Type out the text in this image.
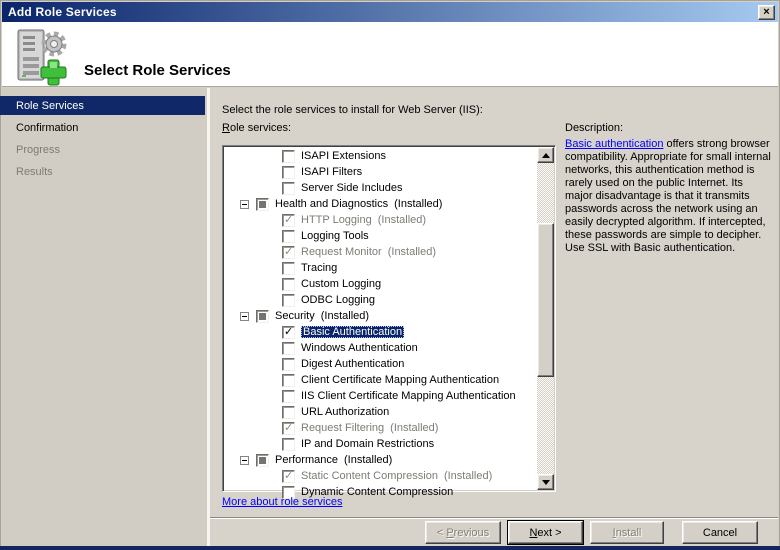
Add Role Services	×
Select Role Services
Role Services
Confirmation
Progress
Results
Select the role services to install for Web Server (IIS):
Role services:
ISAPI Extensions
ISAPI Filters
Server Side Includes
Health and Diagnostics (Installed)
✓ HTTP Logging (Installed)
Logging Tools
✓ Request Monitor (Installed)
Tracing
Custom Logging
ODBC Logging
Security (Installed)
✓ Basic Authentication
Windows Authentication
Digest Authentication
Client Certificate Mapping Authentication
IIS Client Certificate Mapping Authentication
URL Authorization
✓ Request Filtering (Installed)
IP and Domain Restrictions
Performance (Installed)
✓ Static Content Compression (Installed)
Dynamic Content Compression
More about role services
Description:

Basic authentication offers strong browser compatibility. Appropriate for small internal networks, this authentication method is rarely used on the public Internet. Its major disadvantage is that it transmits passwords across the network using an easily decrypted algorithm. If intercepted, these passwords are simple to decipher. Use SSL with Basic authentication.

< P revious	N ext >	I nstall	Cancel
